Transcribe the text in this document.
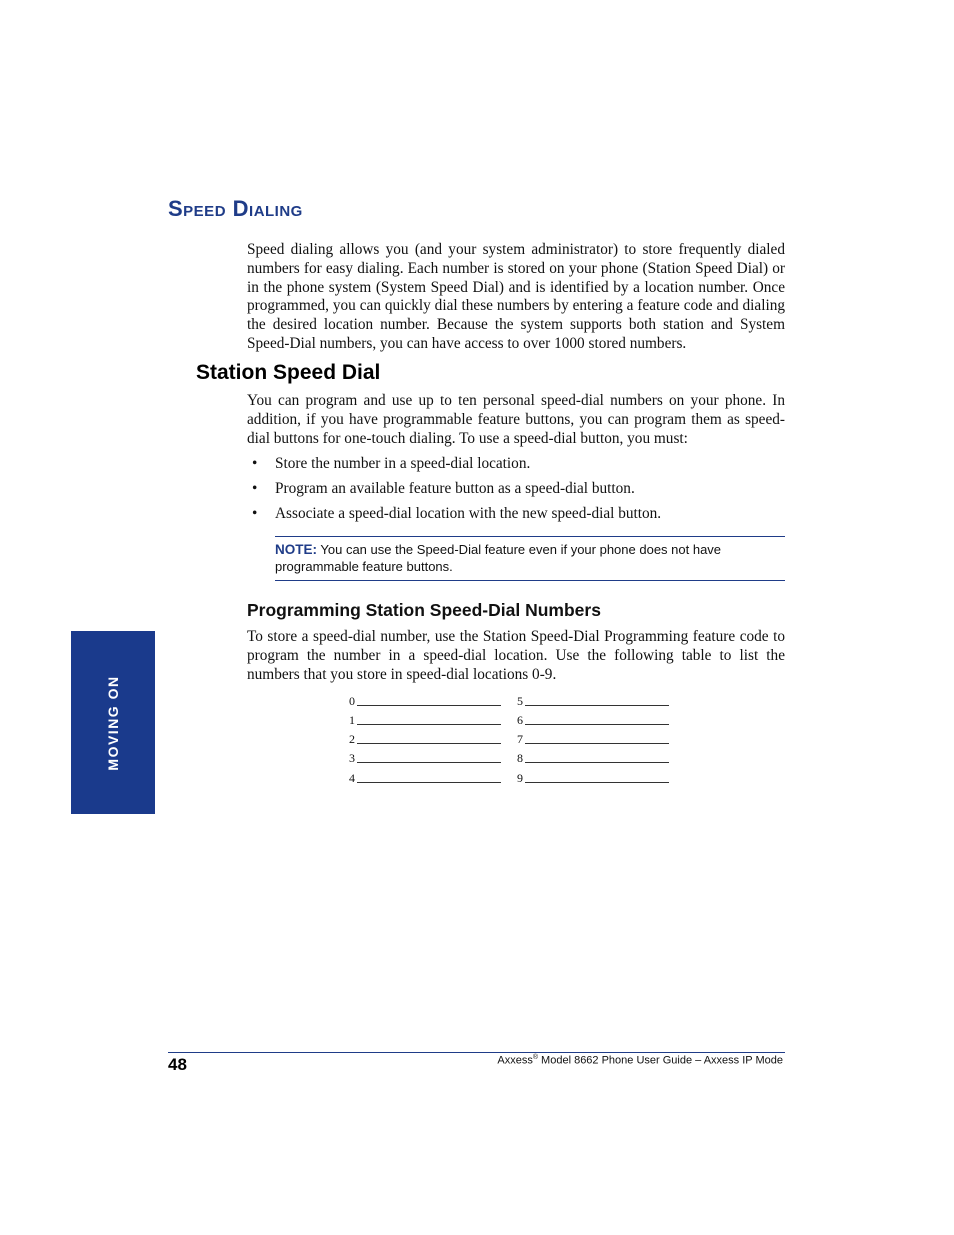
Speed Dialing

Speed dialing allows you (and your system administrator) to store frequently dialed numbers for easy dialing. Each number is stored on your phone (Station Speed Dial) or in the phone system (System Speed Dial) and is identified by a location number. Once programmed, you can quickly dial these numbers by entering a feature code and dialing the desired location number. Because the system supports both station and System Speed-Dial numbers, you can have access to over 1000 stored numbers.

Station Speed Dial

You can program and use up to ten personal speed-dial numbers on your phone. In addition, if you have programmable feature buttons, you can program them as speed-dial buttons for one-touch dialing. To use a speed-dial button, you must:

• Store the number in a speed-dial location.
• Program an available feature button as a speed-dial button.
• Associate a speed-dial location with the new speed-dial button.

NOTE: You can use the Speed-Dial feature even if your phone does not have programmable feature buttons.

Programming Station Speed-Dial Numbers

To store a speed-dial number, use the Station Speed-Dial Programming feature code to program the number in a speed-dial location. Use the following table to list the numbers that you store in speed-dial locations 0-9.

0
1
2
3
4
5
6
7
8
9
MOVING ON
48	Axxess® Model 8662 Phone User Guide – Axxess IP Mode
